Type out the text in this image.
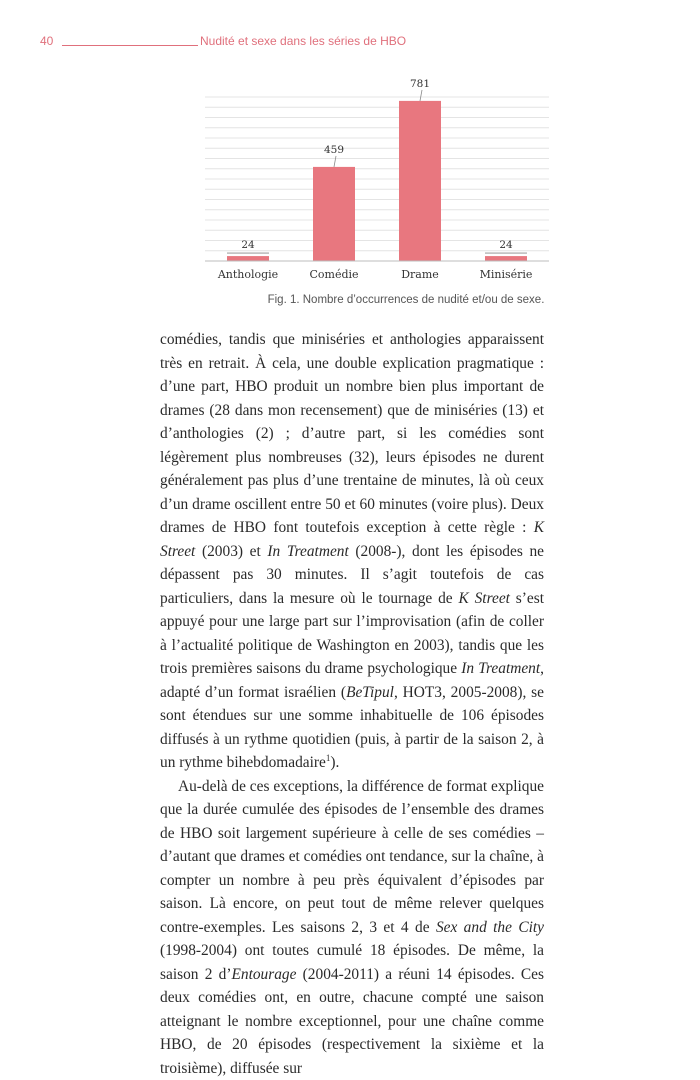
40	Nudité et sexe dans les séries de HBO
24
459
781
24
Anthologie	Comédie	Drame	Minisérie
Fig. 1. Nombre d’occurrences de nudité et/ou de sexe.

comédies, tandis que miniséries et anthologies apparaissent très en retrait. À cela, une double explication pragmatique : d’une part, HBO produit un nombre bien plus important de drames (28 dans mon recensement) que de miniséries (13) et d’anthologies (2) ; d’autre part, si les comédies sont légèrement plus nombreuses (32), leurs épisodes ne durent généralement pas plus d’une trentaine de minutes, là où ceux d’un drame oscillent entre 50 et 60 minutes (voire plus). Deux drames de HBO font toutefois exception à cette règle : K Street (2003) et In Treatment (2008-), dont les épisodes ne dépassent pas 30 minutes. Il s’agit toutefois de cas particuliers, dans la mesure où le tournage de K Street s’est appuyé pour une large part sur l’improvisation (afin de coller à l’actualité politique de Washington en 2003), tandis que les trois premières saisons du drame psychologique In Treatment, adapté d’un format israélien (BeTipul, HOT3, 2005-2008), se sont étendues sur une somme inhabituelle de 106 épisodes diffusés à un rythme quotidien (puis, à partir de la saison 2, à un rythme bihebdomadaire$^1$).

Au-delà de ces exceptions, la différence de format explique que la durée cumulée des épisodes de l’ensemble des drames de HBO soit largement supérieure à celle de ses comédies – d’autant que drames et comédies ont tendance, sur la chaîne, à compter un nombre à peu près équivalent d’épisodes par saison. Là encore, on peut tout de même relever quelques contre-exemples. Les saisons 2, 3 et 4 de Sex and the City (1998-2004) ont toutes cumulé 18 épisodes. De même, la saison 2 d’Entourage (2004-2011) a réuni 14 épisodes. Ces deux comédies ont, en outre, chacune compté une saison atteignant le nombre exceptionnel, pour une chaîne comme HBO, de 20 épisodes (respectivement la sixième et la troisième), diffusée sur
